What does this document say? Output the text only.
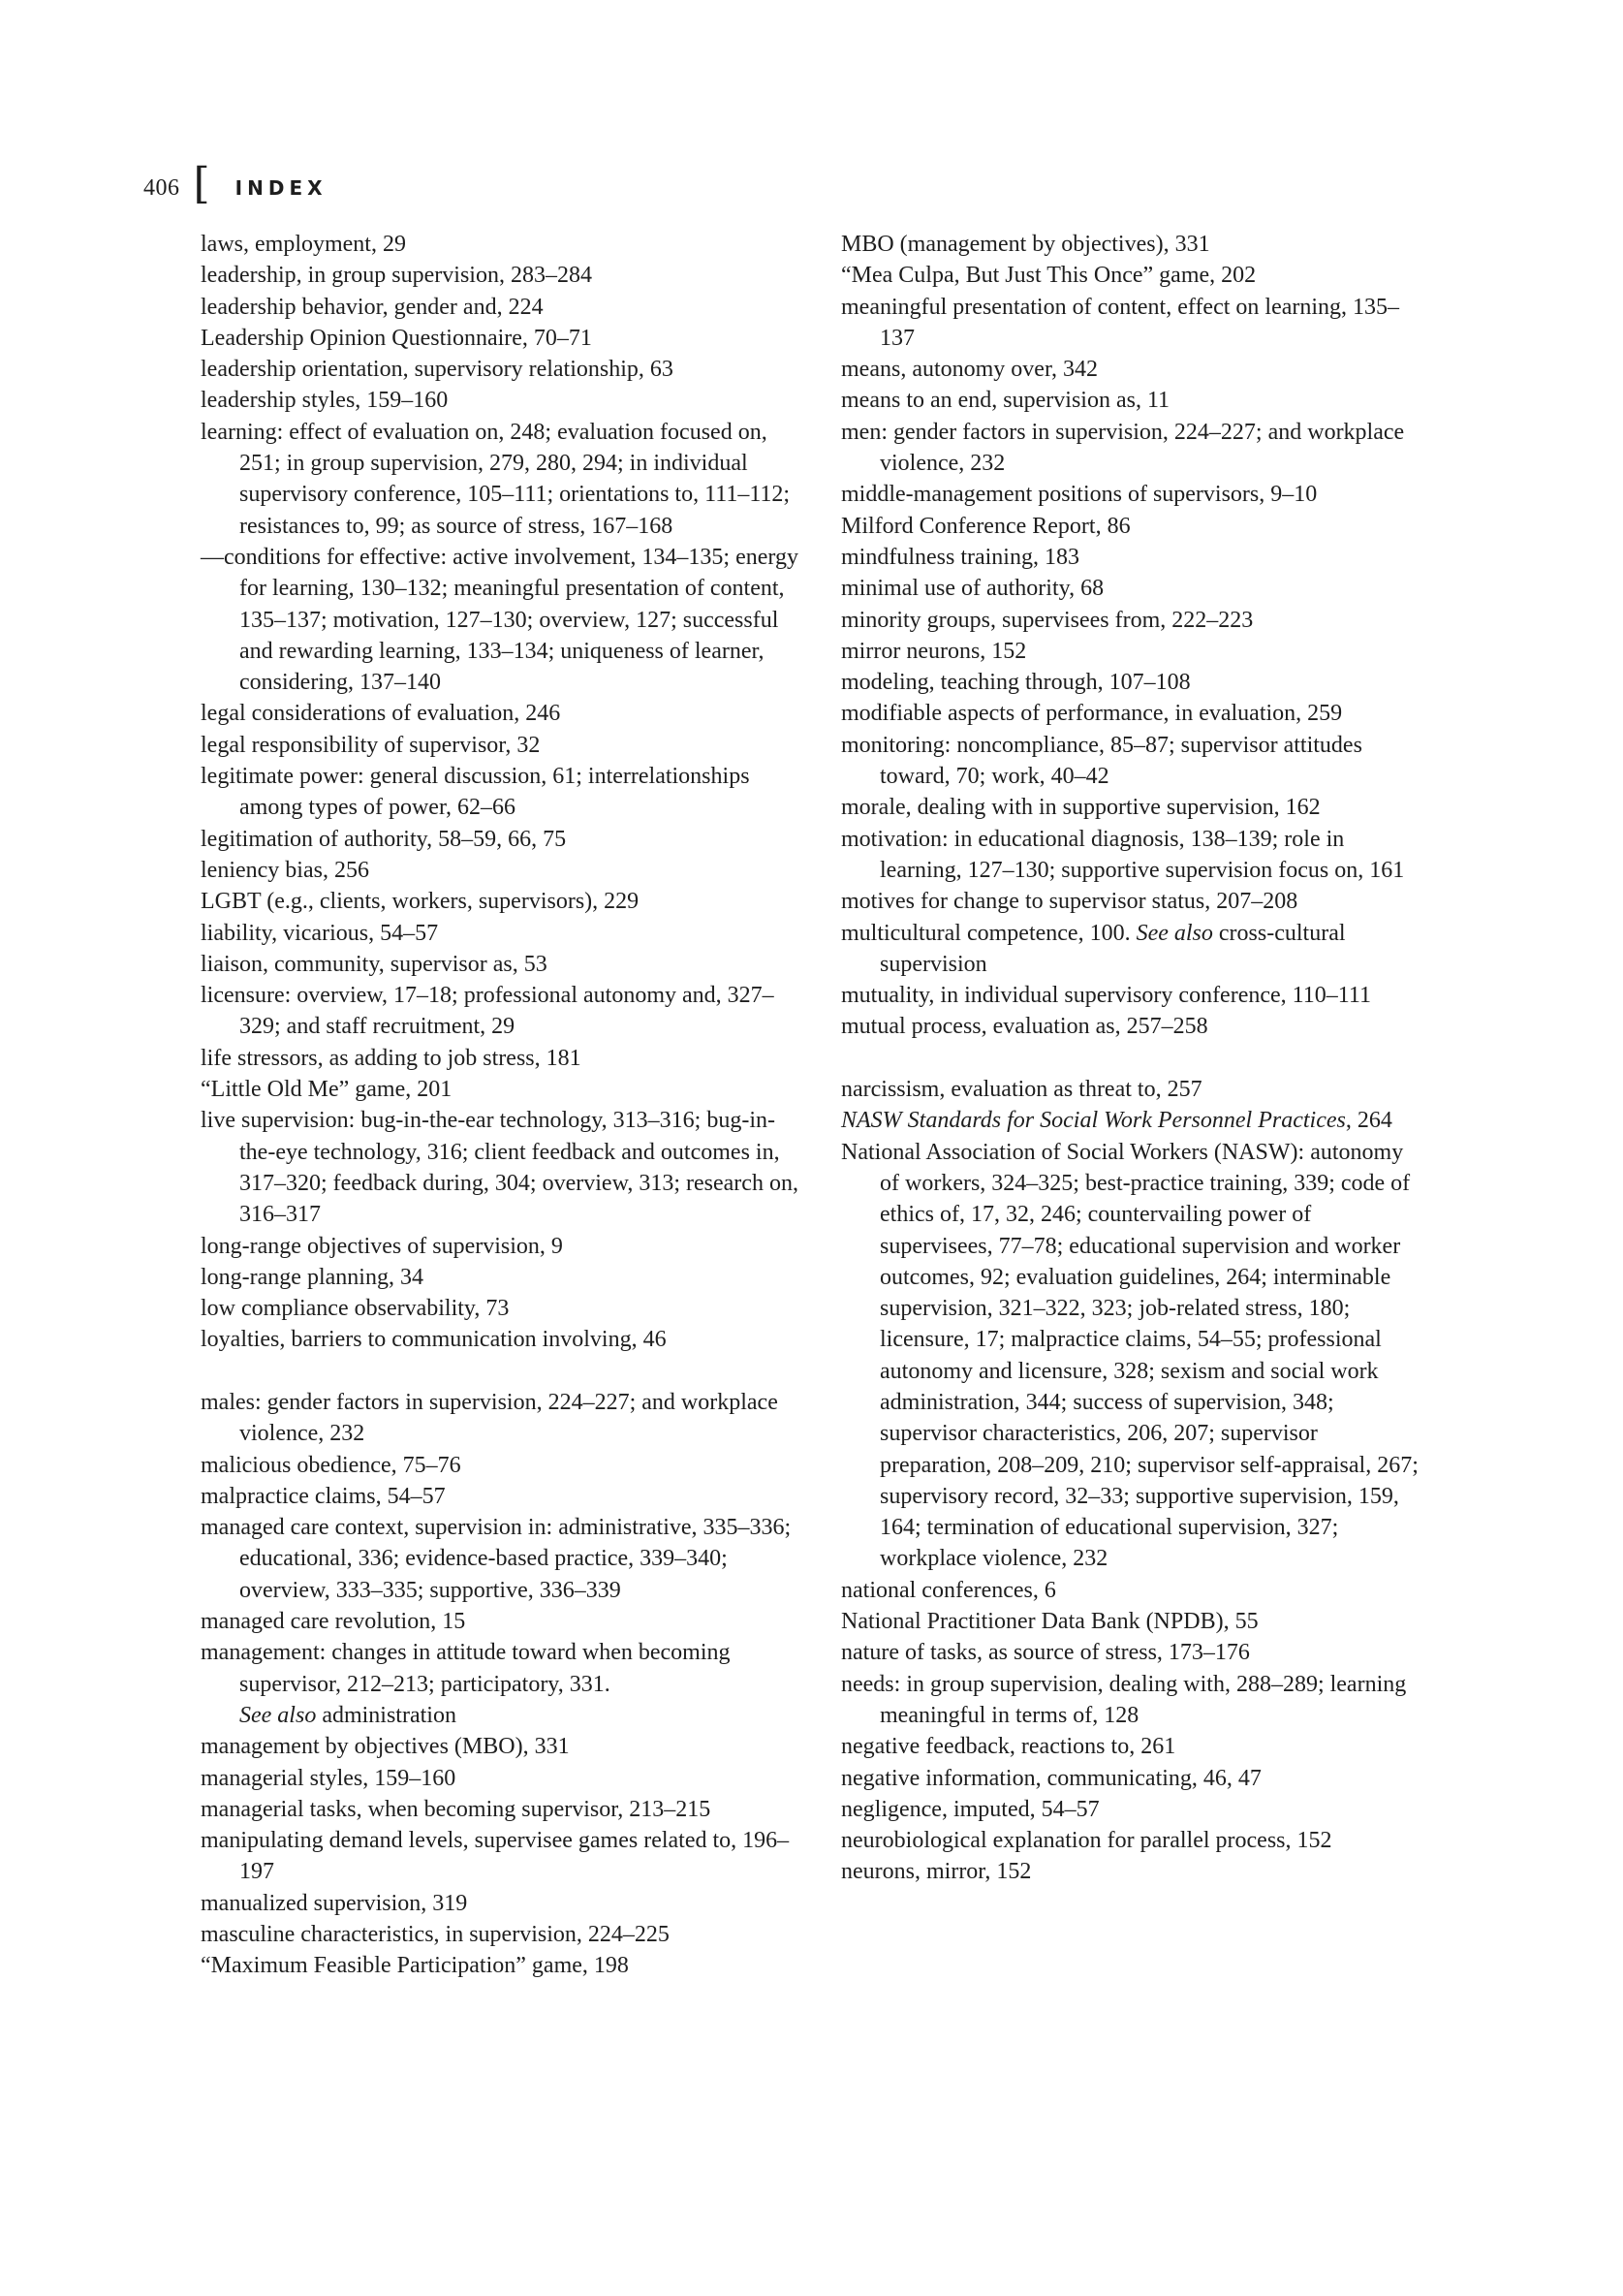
406 [ INDEX
laws, employment, 29
leadership, in group supervision, 283–284
leadership behavior, gender and, 224
Leadership Opinion Questionnaire, 70–71
leadership orientation, supervisory relationship, 63
leadership styles, 159–160
learning: effect of evaluation on, 248; evaluation focused on, 251; in group supervision, 279, 280, 294; in individual supervisory conference, 105–111; orientations to, 111–112; resistances to, 99; as source of stress, 167–168
—conditions for effective: active involvement, 134–135; energy for learning, 130–132; meaningful presentation of content, 135–137; motivation, 127–130; overview, 127; successful and rewarding learning, 133–134; uniqueness of learner, considering, 137–140
legal considerations of evaluation, 246
legal responsibility of supervisor, 32
legitimate power: general discussion, 61; interrelationships among types of power, 62–66
legitimation of authority, 58–59, 66, 75
leniency bias, 256
LGBT (e.g., clients, workers, supervisors), 229
liability, vicarious, 54–57
liaison, community, supervisor as, 53
licensure: overview, 17–18; professional autonomy and, 327–329; and staff recruitment, 29
life stressors, as adding to job stress, 181
“Little Old Me” game, 201
live supervision: bug-in-the-ear technology, 313–316; bug-in-the-eye technology, 316; client feedback and outcomes in, 317–320; feedback during, 304; overview, 313; research on, 316–317
long-range objectives of supervision, 9
long-range planning, 34
low compliance observability, 73
loyalties, barriers to communication involving, 46
males: gender factors in supervision, 224–227; and workplace violence, 232
malicious obedience, 75–76
malpractice claims, 54–57
managed care context, supervision in: administrative, 335–336; educational, 336; evidence-based practice, 339–340; overview, 333–335; supportive, 336–339
managed care revolution, 15
management: changes in attitude toward when becoming supervisor, 212–213; participatory, 331.
See also administration
management by objectives (MBO), 331
managerial styles, 159–160
managerial tasks, when becoming supervisor, 213–215
manipulating demand levels, supervisee games related to, 196–197
manualized supervision, 319
masculine characteristics, in supervision, 224–225
“Maximum Feasible Participation” game, 198
MBO (management by objectives), 331
“Mea Culpa, But Just This Once” game, 202
meaningful presentation of content, effect on learning, 135–137
means, autonomy over, 342
means to an end, supervision as, 11
men: gender factors in supervision, 224–227; and workplace violence, 232
middle-management positions of supervisors, 9–10
Milford Conference Report, 86
mindfulness training, 183
minimal use of authority, 68
minority groups, supervisees from, 222–223
mirror neurons, 152
modeling, teaching through, 107–108
modifiable aspects of performance, in evaluation, 259
monitoring: noncompliance, 85–87; supervisor attitudes toward, 70; work, 40–42
morale, dealing with in supportive supervision, 162
motivation: in educational diagnosis, 138–139; role in learning, 127–130; supportive supervision focus on, 161
motives for change to supervisor status, 207–208
multicultural competence, 100. See also cross-cultural supervision
mutuality, in individual supervisory conference, 110–111
mutual process, evaluation as, 257–258
narcissism, evaluation as threat to, 257
NASW Standards for Social Work Personnel Practices, 264
National Association of Social Workers (NASW): autonomy of workers, 324–325; best-practice training, 339; code of ethics of, 17, 32, 246; countervailing power of supervisees, 77–78; educational supervision and worker outcomes, 92; evaluation guidelines, 264; interminable supervision, 321–322, 323; job-related stress, 180; licensure, 17; malpractice claims, 54–55; professional autonomy and licensure, 328; sexism and social work administration, 344; success of supervision, 348; supervisor characteristics, 206, 207; supervisor preparation, 208–209, 210; supervisor self-appraisal, 267; supervisory record, 32–33; supportive supervision, 159, 164; termination of educational supervision, 327; workplace violence, 232
national conferences, 6
National Practitioner Data Bank (NPDB), 55
nature of tasks, as source of stress, 173–176
needs: in group supervision, dealing with, 288–289; learning meaningful in terms of, 128
negative feedback, reactions to, 261
negative information, communicating, 46, 47
negligence, imputed, 54–57
neurobiological explanation for parallel process, 152
neurons, mirror, 152
